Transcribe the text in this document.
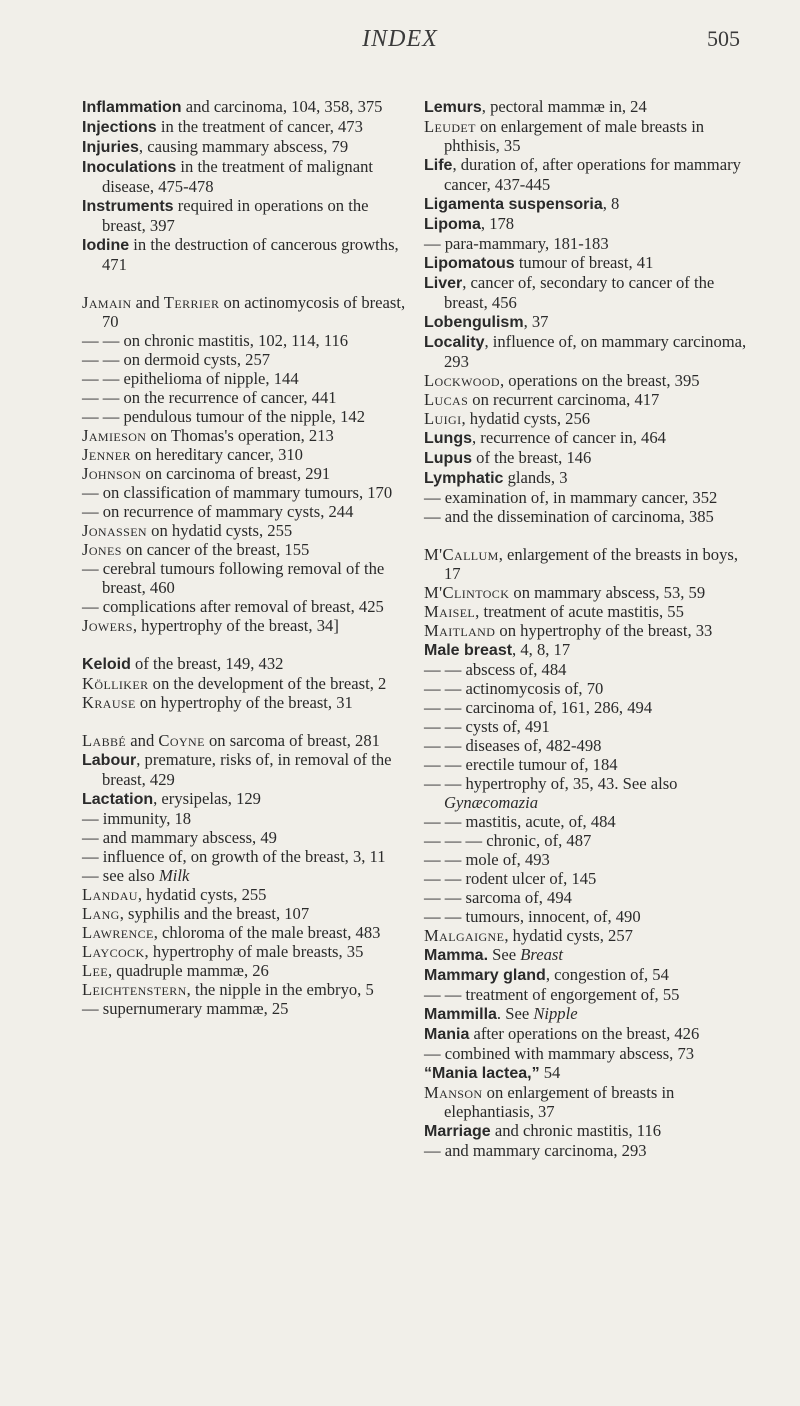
INDEX	505

Inflammation and carcinoma, 104, 358, 375

Injections in the treatment of cancer, 473

Injuries, causing mammary abscess, 79

Inoculations in the treatment of malignant disease, 475-478

Instruments required in operations on the breast, 397

Iodine in the destruction of cancerous growths, 471

Jamain and Terrier on actinomycosis of breast, 70

— — on chronic mastitis, 102, 114, 116

— — on dermoid cysts, 257

— — epithelioma of nipple, 144

— — on the recurrence of cancer, 441

— — pendulous tumour of the nipple, 142

Jamieson on Thomas's operation, 213

Jenner on hereditary cancer, 310

Johnson on carcinoma of breast, 291

— on classification of mammary tumours, 170

— on recurrence of mammary cysts, 244

Jonassen on hydatid cysts, 255

Jones on cancer of the breast, 155

— cerebral tumours following removal of the breast, 460

— complications after removal of breast, 425

Jowers, hypertrophy of the breast, 34]

Keloid of the breast, 149, 432

Kölliker on the development of the breast, 2

Krause on hypertrophy of the breast, 31

Labbé and Coyne on sarcoma of breast, 281

Labour, premature, risks of, in removal of the breast, 429

Lactation, erysipelas, 129

— immunity, 18

— and mammary abscess, 49

— influence of, on growth of the breast, 3, 11

— see also Milk

Landau, hydatid cysts, 255

Lang, syphilis and the breast, 107

Lawrence, chloroma of the male breast, 483

Laycock, hypertrophy of male breasts, 35

Lee, quadruple mammæ, 26

Leichtenstern, the nipple in the embryo, 5

— supernumerary mammæ, 25

Lemurs, pectoral mammæ in, 24

Leudet on enlargement of male breasts in phthisis, 35

Life, duration of, after operations for mammary cancer, 437-445

Ligamenta suspensoria, 8

Lipoma, 178

— para-mammary, 181-183

Lipomatous tumour of breast, 41

Liver, cancer of, secondary to cancer of the breast, 456

Lobengulism, 37

Locality, influence of, on mammary carcinoma, 293

Lockwood, operations on the breast, 395

Lucas on recurrent carcinoma, 417

Luigi, hydatid cysts, 256

Lungs, recurrence of cancer in, 464

Lupus of the breast, 146

Lymphatic glands, 3

— examination of, in mammary cancer, 352

— and the dissemination of carcinoma, 385

M'Callum, enlargement of the breasts in boys, 17

M'Clintock on mammary abscess, 53, 59

Maisel, treatment of acute mastitis, 55

Maitland on hypertrophy of the breast, 33

Male breast, 4, 8, 17

— — abscess of, 484

— — actinomycosis of, 70

— — carcinoma of, 161, 286, 494

— — cysts of, 491

— — diseases of, 482-498

— — erectile tumour of, 184

— — hypertrophy of, 35, 43. See also Gynæcomazia

— — mastitis, acute, of, 484

— — — chronic, of, 487

— — mole of, 493

— — rodent ulcer of, 145

— — sarcoma of, 494

— — tumours, innocent, of, 490

Malgaigne, hydatid cysts, 257

Mamma. See Breast

Mammary gland, congestion of, 54

— — treatment of engorgement of, 55

Mammilla. See Nipple

Mania after operations on the breast, 426

— combined with mammary abscess, 73

“Mania lactea,” 54

Manson on enlargement of breasts in elephantiasis, 37

Marriage and chronic mastitis, 116

— and mammary carcinoma, 293
